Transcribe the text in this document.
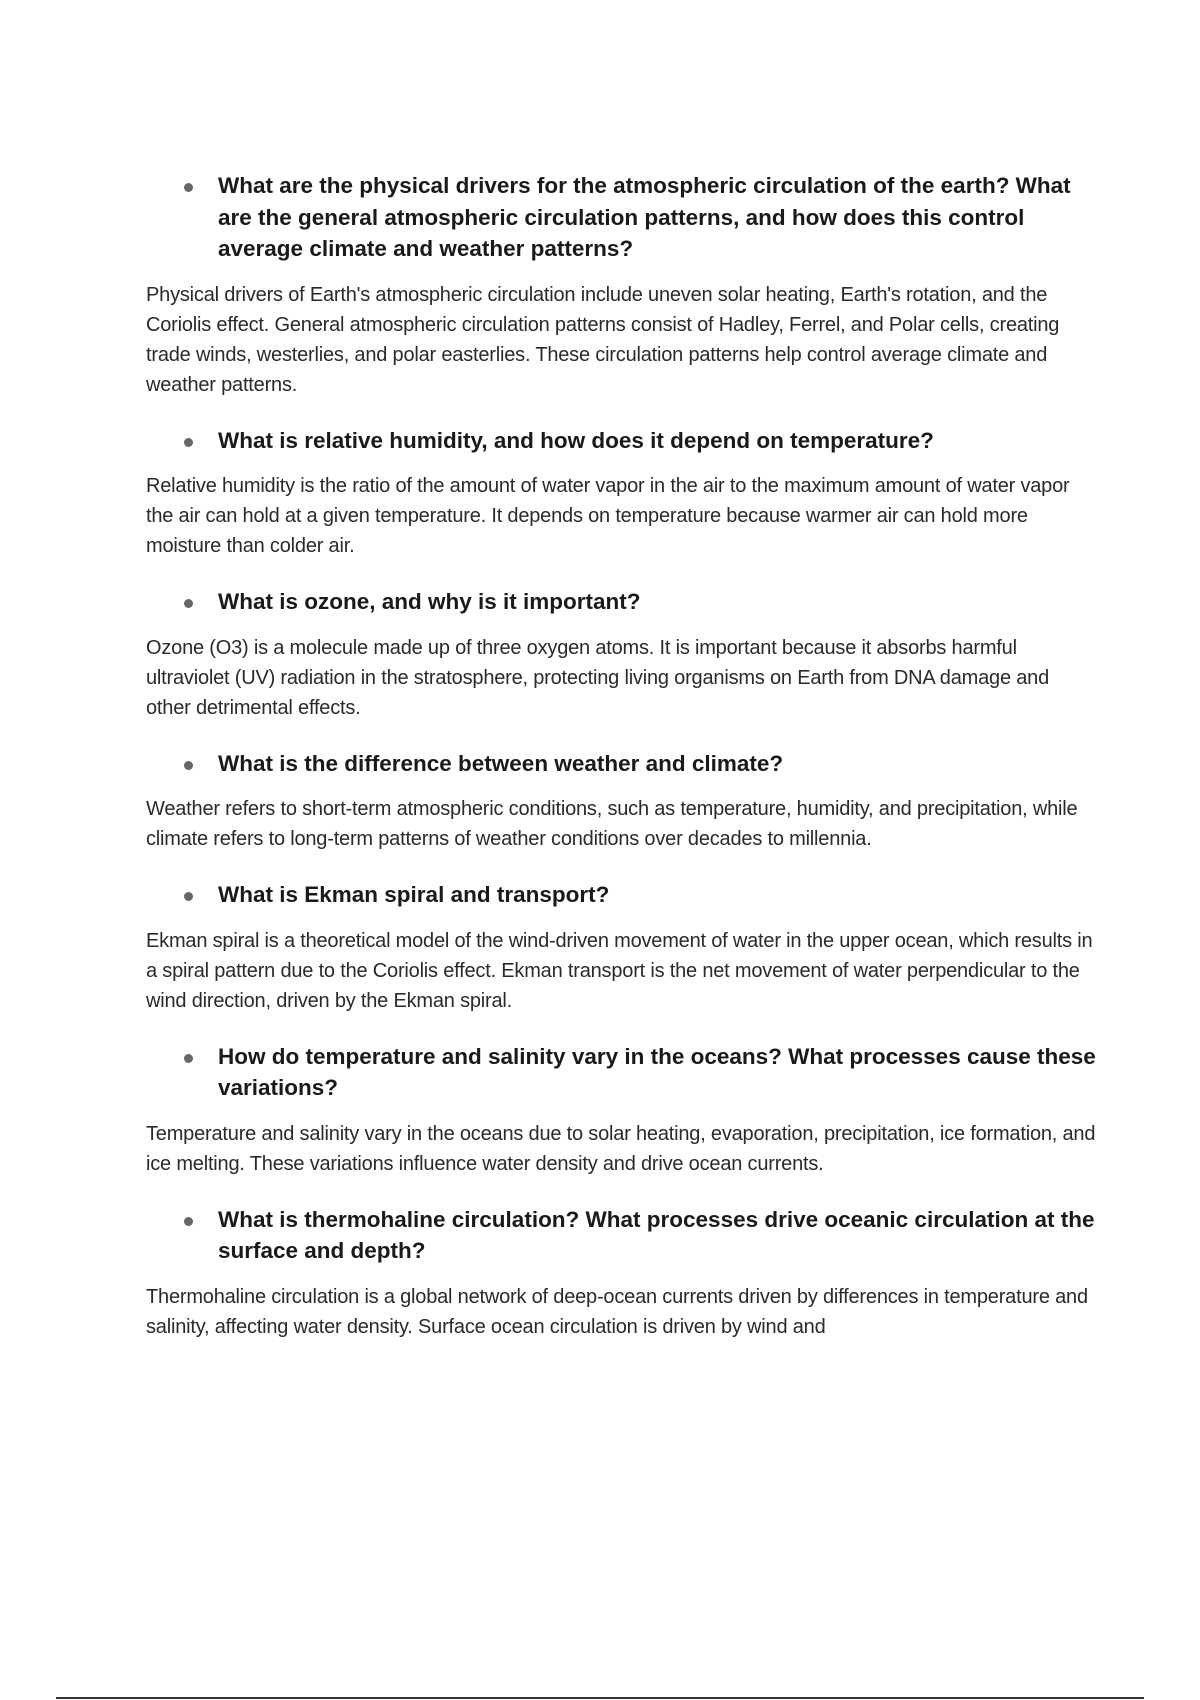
What are the physical drivers for the atmospheric circulation of the earth? What are the general atmospheric circulation patterns, and how does this control average climate and weather patterns?

Physical drivers of Earth's atmospheric circulation include uneven solar heating, Earth's rotation, and the Coriolis effect. General atmospheric circulation patterns consist of Hadley, Ferrel, and Polar cells, creating trade winds, westerlies, and polar easterlies. These circulation patterns help control average climate and weather patterns.

What is relative humidity, and how does it depend on temperature?

Relative humidity is the ratio of the amount of water vapor in the air to the maximum amount of water vapor the air can hold at a given temperature. It depends on temperature because warmer air can hold more moisture than colder air.

What is ozone, and why is it important?

Ozone (O3) is a molecule made up of three oxygen atoms. It is important because it absorbs harmful ultraviolet (UV) radiation in the stratosphere, protecting living organisms on Earth from DNA damage and other detrimental effects.

What is the difference between weather and climate?

Weather refers to short-term atmospheric conditions, such as temperature, humidity, and precipitation, while climate refers to long-term patterns of weather conditions over decades to millennia.

What is Ekman spiral and transport?

Ekman spiral is a theoretical model of the wind-driven movement of water in the upper ocean, which results in a spiral pattern due to the Coriolis effect. Ekman transport is the net movement of water perpendicular to the wind direction, driven by the Ekman spiral.

How do temperature and salinity vary in the oceans? What processes cause these variations?

Temperature and salinity vary in the oceans due to solar heating, evaporation, precipitation, ice formation, and ice melting. These variations influence water density and drive ocean currents.

What is thermohaline circulation? What processes drive oceanic circulation at the surface and depth?

Thermohaline circulation is a global network of deep-ocean currents driven by differences in temperature and salinity, affecting water density. Surface ocean circulation is driven by wind and
